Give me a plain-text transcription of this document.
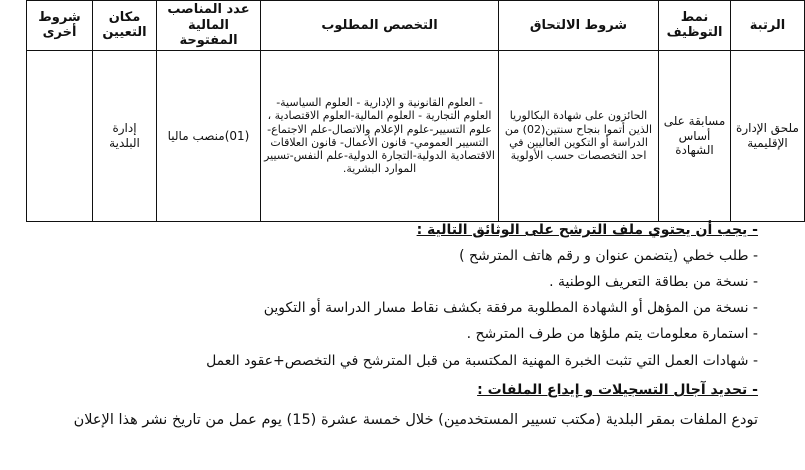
الرتبة	نمط التوظيف	شروط الالتحاق	التخصص المطلوب	عدد المناصب المالية المفتوحة	مكان التعيين	شروط أخرى
ملحق الإدارة الإقليمية	مسابقة على أساس الشهادة	الحائزون على شهادة البكالوريا الذين أتموا بنجاح سنتين(02) من الدراسة أو التكوين العاليين في احد التخصصات حسب الأولوية	- العلوم القانونية و الإدارية - العلوم السياسية-العلوم التجارية - العلوم المالية-العلوم الاقتصادية ، علوم التسيير-علوم الإعلام والاتصال-علم الاجتماع- التسيير العمومي- قانون الأعمال- قانون العلاقات الاقتصادية الدولية-التجارة الدولية-علم النفس-تسيير الموارد البشرية.	(01)منصب ماليا	إدارة البلدية	
- يجب أن يحتوي ملف الترشح على الوثائق التالية :
- طلب خطي (يتضمن عنوان و رقم هاتف المترشح )
- نسخة من بطاقة التعريف الوطنية .
- نسخة من المؤهل أو الشهادة المطلوبة مرفقة بكشف نقاط مسار الدراسة أو التكوين
- استمارة معلومات يتم ملؤها من طرف المترشح .
- شهادات العمل التي تثبت الخبرة المهنية المكتسبة من قبل المترشح في التخصص+عقود العمل
- تحديد آجال التسجيلات و إيداع الملفات :
تودع الملفات بمقر البلدية (مكتب تسيير المستخدمين) خلال خمسة عشرة (15) يوم عمل من تاريخ نشر هذا الإعلان
